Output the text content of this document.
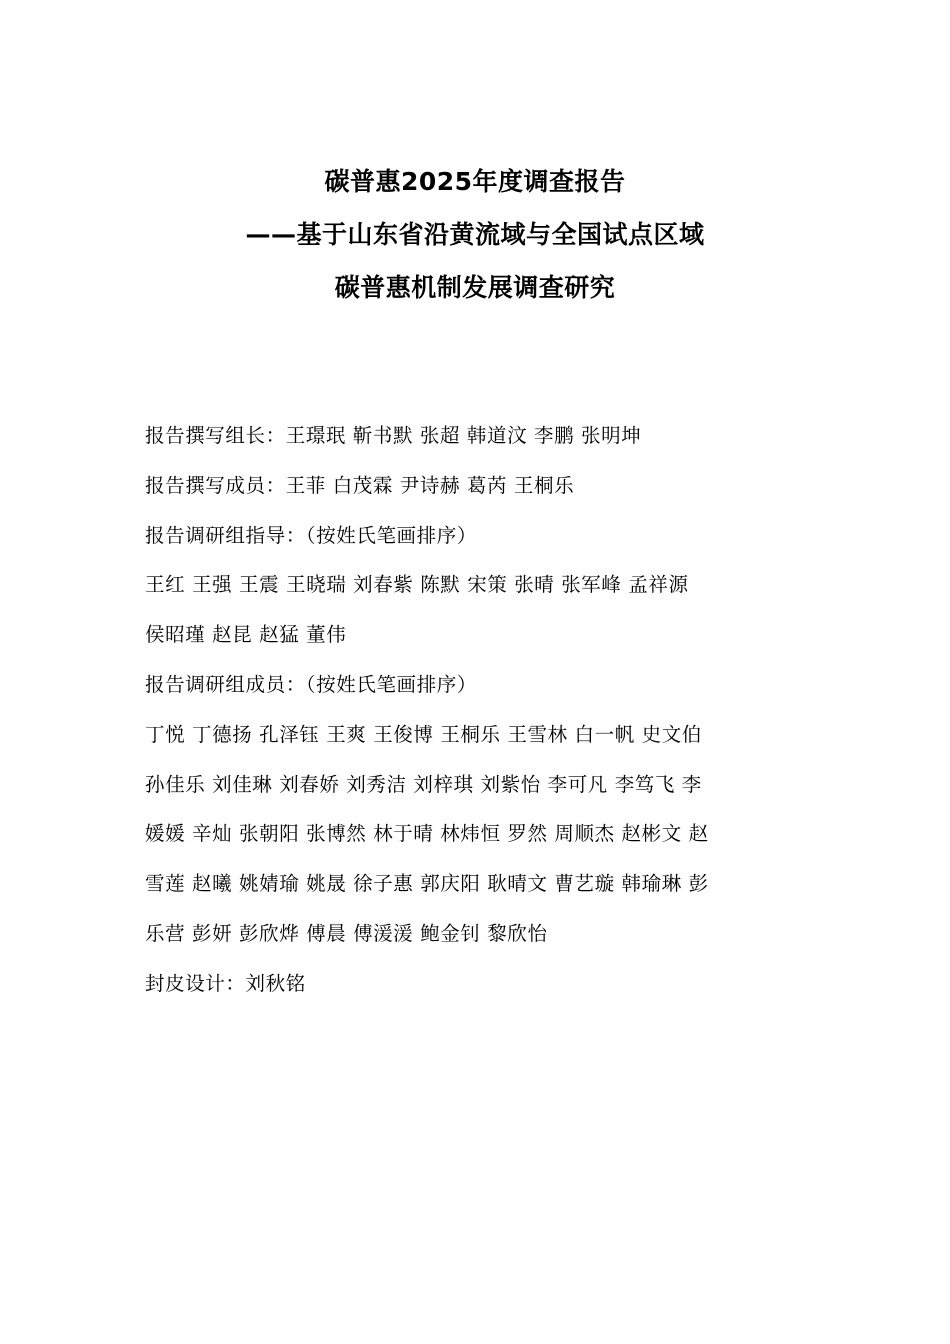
碳普惠2025年度调查报告
——基于山东省沿黄流域与全国试点区域
碳普惠机制发展调查研究
报告撰写组长：王璟珉 靳书默 张超 韩道汶 李鹏 张明坤
报告撰写成员：王菲 白茂霖 尹诗赫 葛芮 王桐乐
报告调研组指导：（按姓氏笔画排序）
王红 王强 王震 王晓瑞 刘春紫 陈默 宋策 张晴 张军峰 孟祥源
侯昭瑾 赵昆 赵猛 董伟
报告调研组成员：（按姓氏笔画排序）
丁悦 丁德扬 孔泽钰 王爽 王俊博 王桐乐 王雪林 白一帆 史文伯
孙佳乐 刘佳琳 刘春娇 刘秀洁 刘梓琪 刘紫怡 李可凡 李笃飞 李
媛媛 辛灿 张朝阳 张博然 林于晴 林炜恒 罗然 周顺杰 赵彬文 赵
雪莲 赵曦 姚婧瑜 姚晟 徐子惠 郭庆阳 耿晴文 曹艺璇 韩瑜琳 彭
乐营 彭妍 彭欣烨 傅晨 傅湲湲 鲍金钊 黎欣怡
封皮设计：刘秋铭
